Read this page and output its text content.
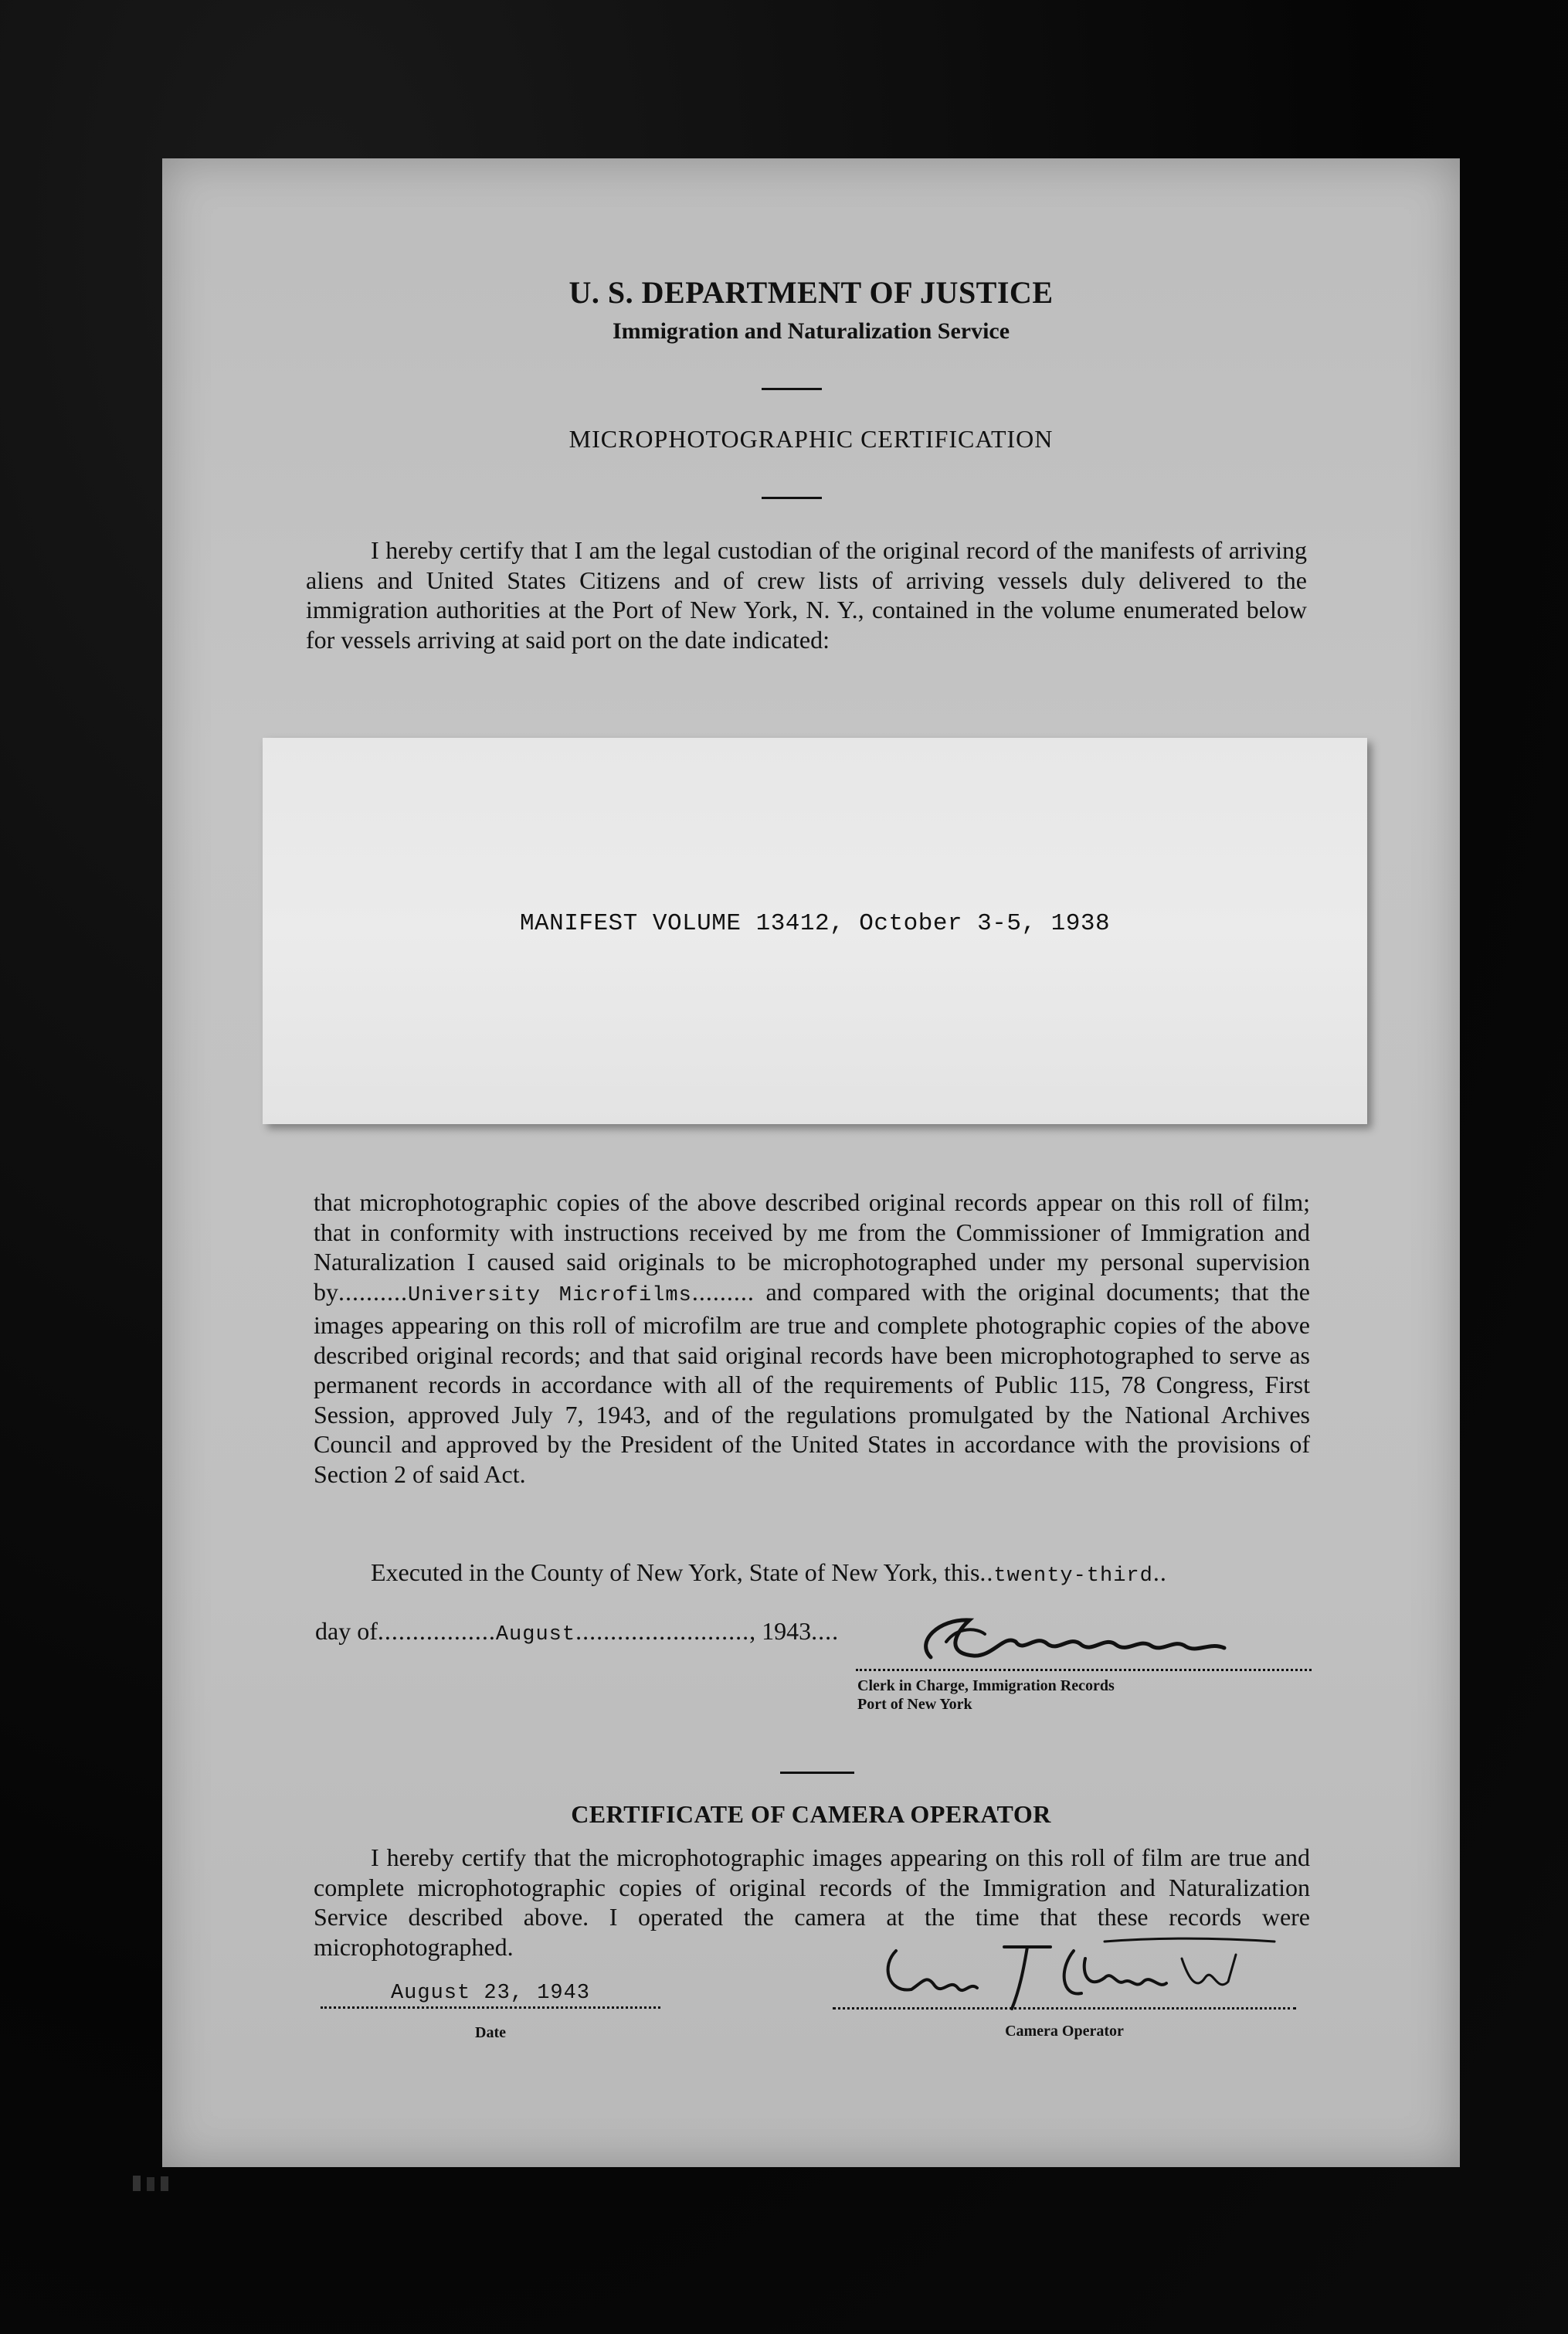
U. S. DEPARTMENT OF JUSTICE
Immigration and Naturalization Service
MICROPHOTOGRAPHIC CERTIFICATION
I hereby certify that I am the legal custodian of the original record of the manifests of arriving aliens and United States Citizens and of crew lists of arriving vessels duly delivered to the immigration authorities at the Port of New York, N. Y., contained in the volume enumerated below for vessels arriving at said port on the date indicated:
MANIFEST VOLUME 13412, October 3-5, 1938
that microphotographic copies of the above described original records appear on this roll of film; that in conformity with instructions received by me from the Commissioner of Immigration and Naturalization I caused said originals to be microphotographed under my personal supervision by..........University Microfilms......... and compared with the original documents; that the images appearing on this roll of microfilm are true and complete photographic copies of the above described original records; and that said original records have been microphotographed to serve as permanent records in accordance with all of the requirements of Public 115, 78 Congress, First Session, approved July 7, 1943, and of the regulations promulgated by the National Archives Council and approved by the President of the United States in accordance with the provisions of Section 2 of said Act.
Executed in the County of New York, State of New York, this..twenty-third..
day of.................August........................., 1943....
Clerk in Charge, Immigration Records
Port of New York
CERTIFICATE OF CAMERA OPERATOR
I hereby certify that the microphotographic images appearing on this roll of film are true and complete microphotographic copies of original records of the Immigration and Naturalization Service described above. I operated the camera at the time that these records were microphotographed.
August 23, 1943
Date	Camera Operator
